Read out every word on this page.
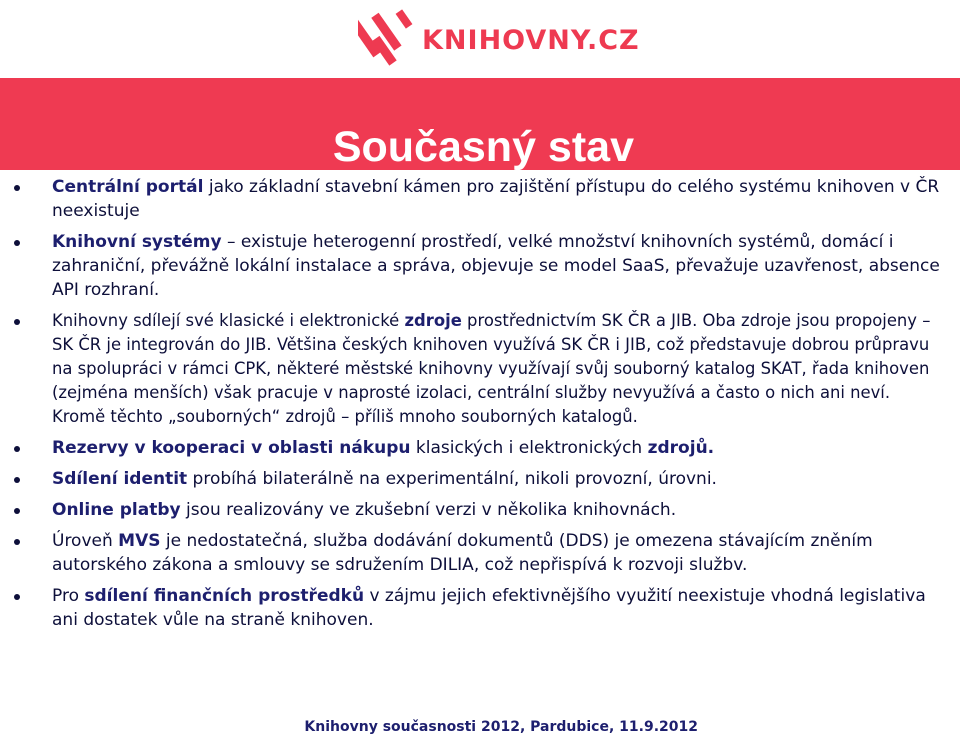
KNIHOVNY.CZ
Současný stav
Centrální portál jako základní stavební kámen pro zajištění přístupu do celého systému knihoven v ČR neexistuje
Knihovní systémy – existuje heterogenní prostředí, velké množství knihovních systémů, domácí i zahraniční, převážně lokální instalace a správa, objevuje se model SaaS, převažuje uzavřenost, absence API rozhraní.
Knihovny sdílejí své klasické i elektronické zdroje prostřednictvím SK ČR a JIB. Oba zdroje jsou propojeny – SK ČR je integrován do JIB. Většina českých knihoven využívá SK ČR i JIB, což představuje dobrou průpravu na spolupráci v rámci CPK, některé městské knihovny využívají svůj souborný katalog SKAT, řada knihoven (zejména menších) však pracuje v naprosté izolaci, centrální služby nevyužívá a často o nich ani neví. Kromě těchto „souborných“ zdrojů – příliš mnoho souborných katalogů.
Rezervy v kooperaci v oblasti nákupu klasických i elektronických zdrojů.
Sdílení identit probíhá bilaterálně na experimentální, nikoli provozní, úrovni.
Online platby jsou realizovány ve zkušební verzi v několika knihovnách.
Úroveň MVS je nedostatečná, služba dodávání dokumentů (DDS) je omezena stávajícím zněním autorského zákona a smlouvy se sdružením DILIA, což nepřispívá k rozvoji službv.
Pro sdílení finančních prostředků v zájmu jejich efektivnějšího využití neexistuje vhodná legislativa ani dostatek vůle na straně knihoven.
Knihovny současnosti 2012, Pardubice, 11.9.2012
